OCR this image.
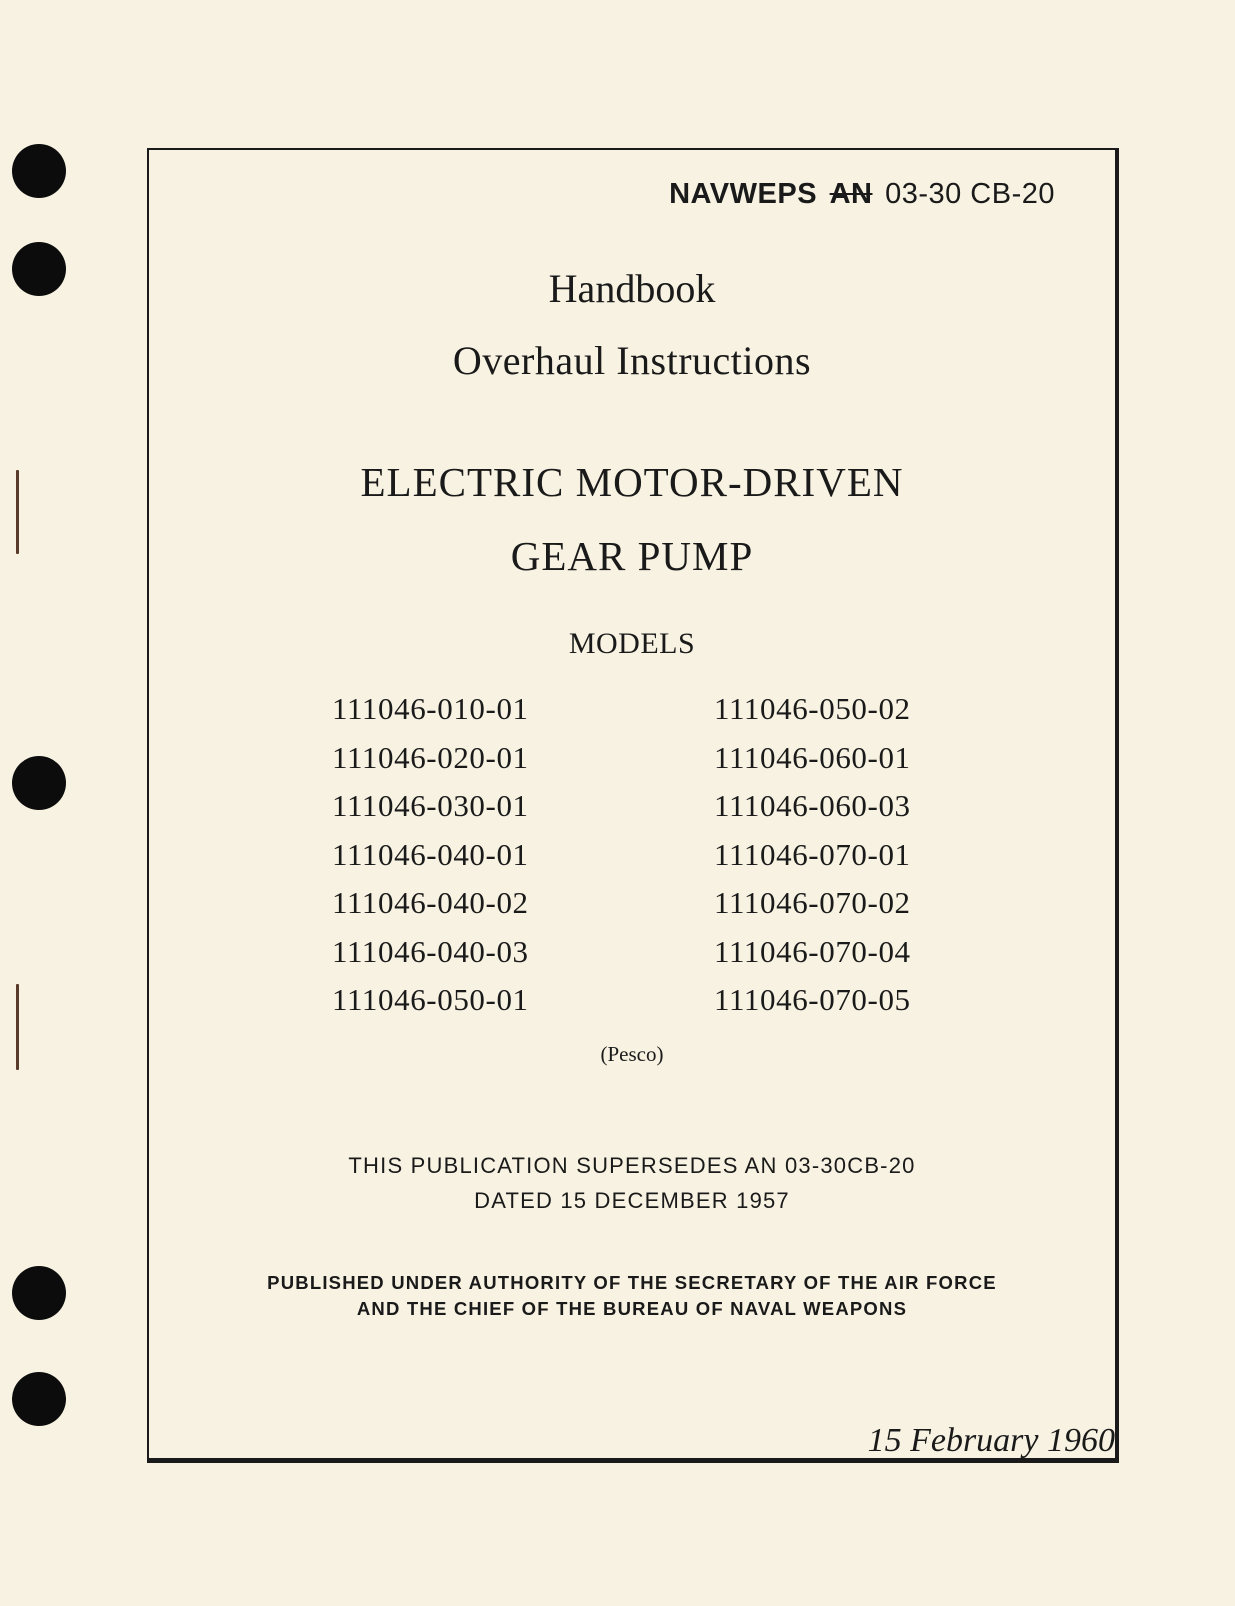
NAVWEPS AN 03-30 CB-20
Handbook
Overhaul Instructions
ELECTRIC MOTOR-DRIVEN
GEAR PUMP
MODELS
111046-010-01
111046-020-01
111046-030-01
111046-040-01
111046-040-02
111046-040-03
111046-050-01
111046-050-02
111046-060-01
111046-060-03
111046-070-01
111046-070-02
111046-070-04
111046-070-05
(Pesco)
THIS PUBLICATION SUPERSEDES AN 03-30CB-20
DATED 15 DECEMBER 1957
PUBLISHED UNDER AUTHORITY OF THE SECRETARY OF THE AIR FORCE
AND THE CHIEF OF THE BUREAU OF NAVAL WEAPONS
15 February 1960
